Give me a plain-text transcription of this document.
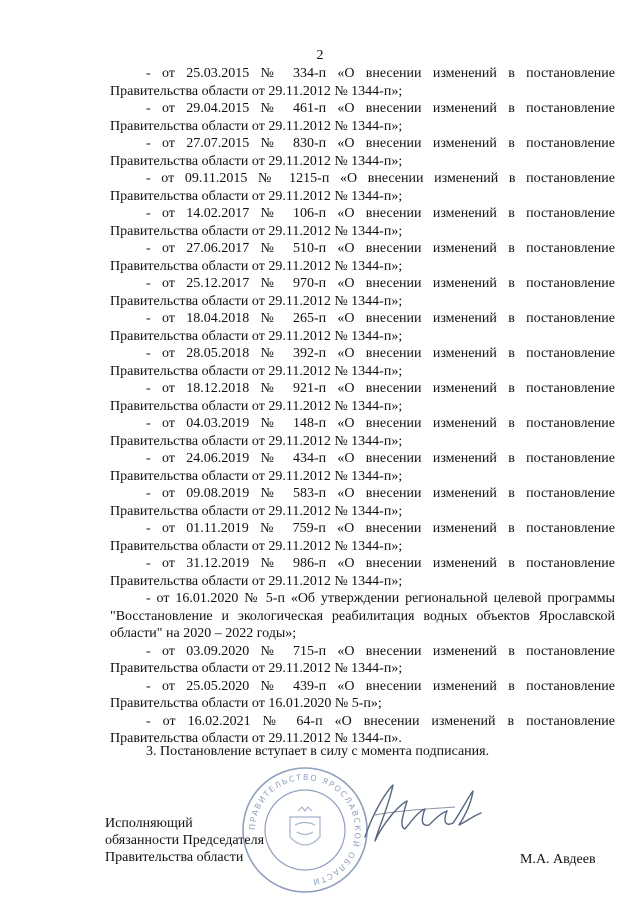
2

- от 25.03.2015 № 334-п «О внесении изменений в постановление Правительства области от 29.11.2012 № 1344-п»;

- от 29.04.2015 № 461-п «О внесении изменений в постановление Правительства области от 29.11.2012 № 1344-п»;

- от 27.07.2015 № 830-п «О внесении изменений в постановление Правительства области от 29.11.2012 № 1344-п»;

- от 09.11.2015 № 1215-п «О внесении изменений в постановление Правительства области от 29.11.2012 № 1344-п»;

- от 14.02.2017 № 106-п «О внесении изменений в постановление Правительства области от 29.11.2012 № 1344-п»;

- от 27.06.2017 № 510-п «О внесении изменений в постановление Правительства области от 29.11.2012 № 1344-п»;

- от 25.12.2017 № 970-п «О внесении изменений в постановление Правительства области от 29.11.2012 № 1344-п»;

- от 18.04.2018 № 265-п «О внесении изменений в постановление Правительства области от 29.11.2012 № 1344-п»;

- от 28.05.2018 № 392-п «О внесении изменений в постановление Правительства области от 29.11.2012 № 1344-п»;

- от 18.12.2018 № 921-п «О внесении изменений в постановление Правительства области от 29.11.2012 № 1344-п»;

- от 04.03.2019 № 148-п «О внесении изменений в постановление Правительства области от 29.11.2012 № 1344-п»;

- от 24.06.2019 № 434-п «О внесении изменений в постановление Правительства области от 29.11.2012 № 1344-п»;

- от 09.08.2019 № 583-п «О внесении изменений в постановление Правительства области от 29.11.2012 № 1344-п»;

- от 01.11.2019 № 759-п «О внесении изменений в постановление Правительства области от 29.11.2012 № 1344-п»;

- от 31.12.2019 № 986-п «О внесении изменений в постановление Правительства области от 29.11.2012 № 1344-п»;

- от 16.01.2020 № 5-п «Об утверждении региональной целевой программы "Восстановление и экологическая реабилитация водных объектов Ярославской области" на 2020 – 2022 годы»;

- от 03.09.2020 № 715-п «О внесении изменений в постановление Правительства области от 29.11.2012 № 1344-п»;

- от 25.05.2020 № 439-п «О внесении изменений в постановление Правительства области от 16.01.2020 № 5-п»;

- от 16.02.2021 № 64-п «О внесении изменений в постановление Правительства области от 29.11.2012 № 1344-п».

3. Постановление вступает в силу с момента подписания.

Исполняющий
обязанности Председателя
Правительства области	М.А. Авдеев
ПРАВИТЕЛЬСТВО ЯРОСЛАВСКОЙ ОБЛАСТИ
